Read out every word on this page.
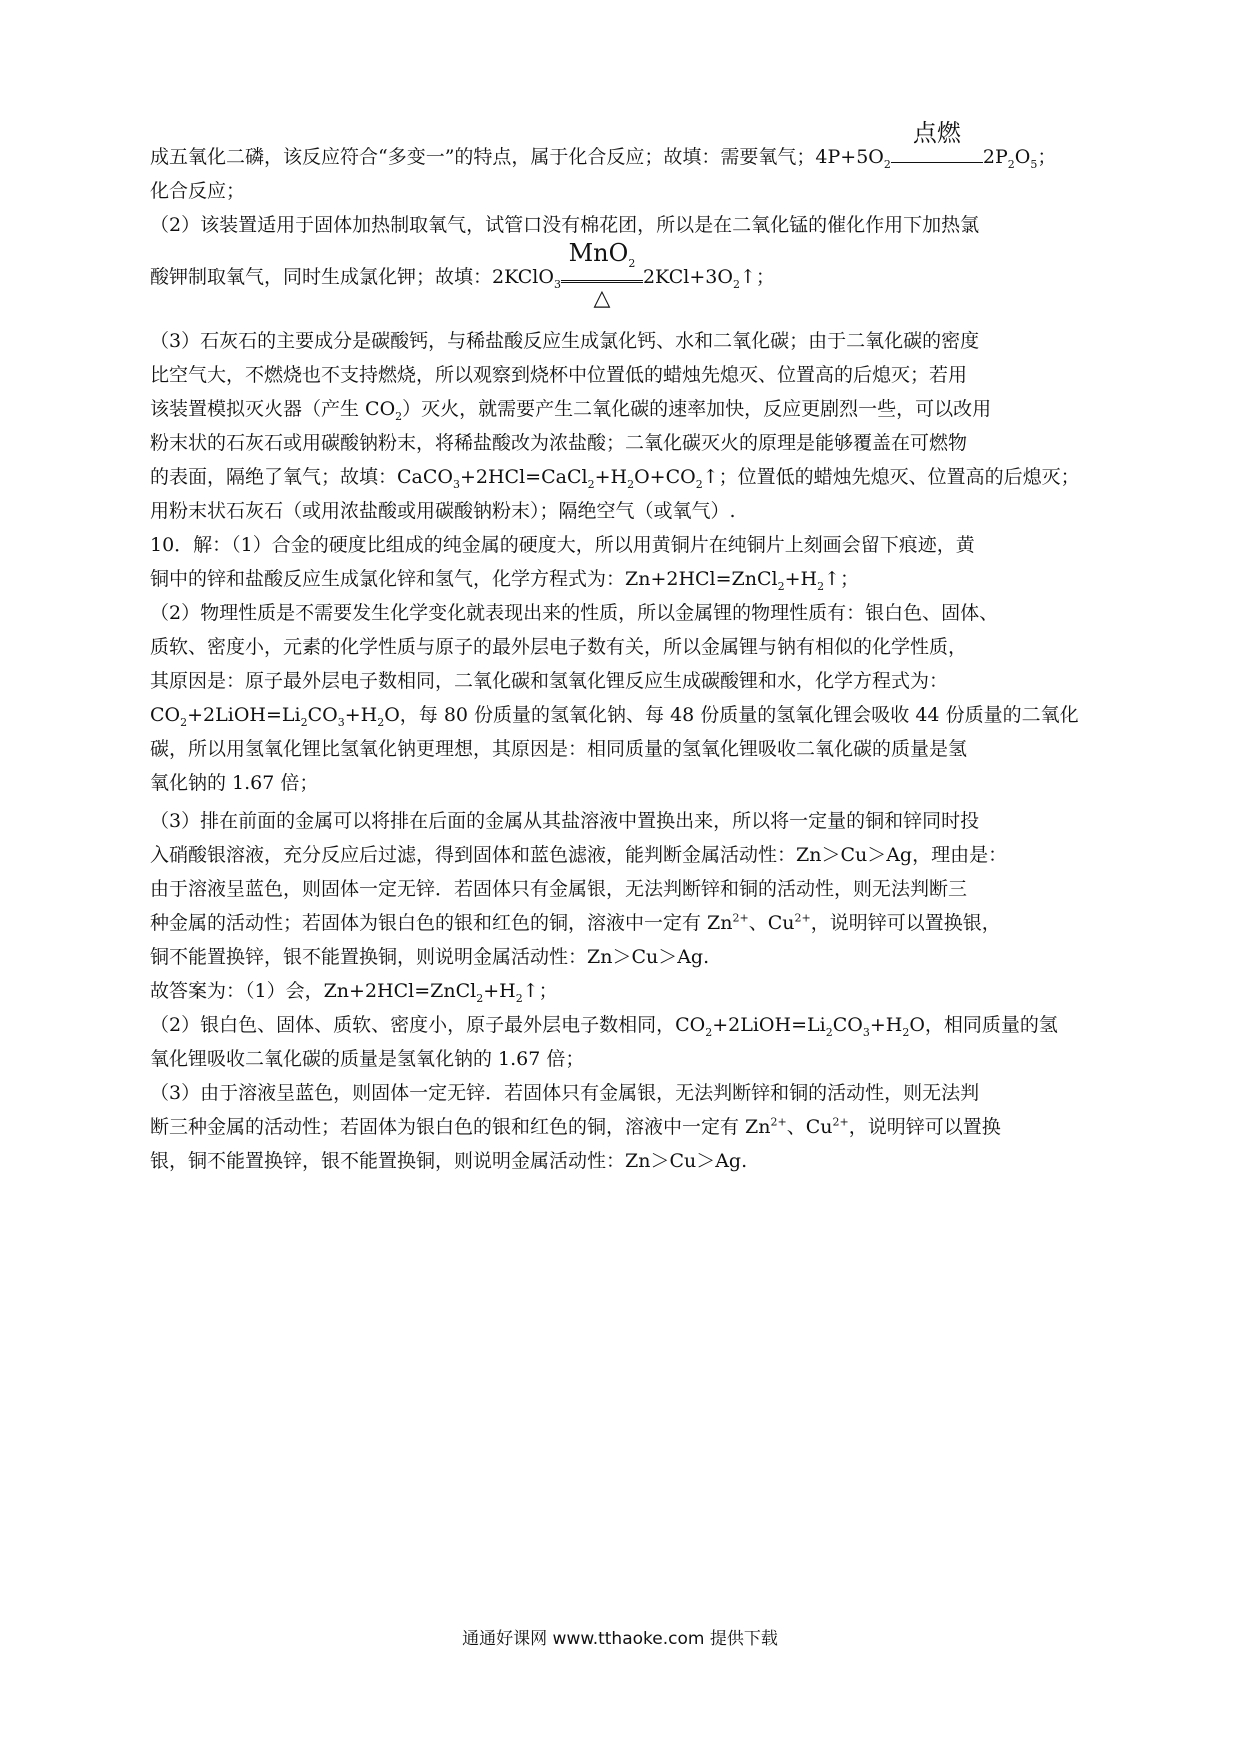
成五氧化二磷，该反应符合“多变一”的特点，属于化合反应；故填：需要氧气；$4P+5O_2$
点燃
$2P_2O_5$；
化合反应；
（2）该装置适用于固体加热制取氧气，试管口没有棉花团，所以是在二氧化锰的催化作用下加热氯
酸钾制取氧气，同时生成氯化钾；故填：2KClO$_3$
MnO$_2$
△
$2KCl+3O_2↑$；
（3）石灰石的主要成分是碳酸钙，与稀盐酸反应生成氯化钙、水和二氧化碳；由于二氧化碳的密度
比空气大，不燃烧也不支持燃烧，所以观察到烧杯中位置低的蜡烛先熄灭、位置高的后熄灭；若用
该装置模拟灭火器（产生 $CO_2$）灭火，就需要产生二氧化碳的速率加快，反应更剧烈一些，可以改用
粉末状的石灰石或用碳酸钠粉末，将稀盐酸改为浓盐酸；二氧化碳灭火的原理是能够覆盖在可燃物
的表面，隔绝了氧气；故填：$CaCO_3+2HCl=CaCl_2+H_2O+CO_2↑$；位置低的蜡烛先熄灭、位置高的后熄灭；
用粉末状石灰石（或用浓盐酸或用碳酸钠粉末）；隔绝空气（或氧气）.
10．解：（1）合金的硬度比组成的纯金属的硬度大，所以用黄铜片在纯铜片上刻画会留下痕迹，黄
铜中的锌和盐酸反应生成氯化锌和氢气，化学方程式为：$Zn+2HCl=ZnCl_2+H_2↑$；
（2）物理性质是不需要发生化学变化就表现出来的性质，所以金属锂的物理性质有：银白色、固体、
质软、密度小，元素的化学性质与原子的最外层电子数有关，所以金属锂与钠有相似的化学性质，
其原因是：原子最外层电子数相同，二氧化碳和氢氧化锂反应生成碳酸锂和水，化学方程式为：
$CO_2+2LiOH=Li_2CO_3+H_2O$，每 80 份质量的氢氧化钠、每 48 份质量的氢氧化锂会吸收 44 份质量的二氧化
碳，所以用氢氧化锂比氢氧化钠更理想，其原因是：相同质量的氢氧化锂吸收二氧化碳的质量是氢
氧化钠的 1.67 倍；
（3）排在前面的金属可以将排在后面的金属从其盐溶液中置换出来，所以将一定量的铜和锌同时投
入硝酸银溶液，充分反应后过滤，得到固体和蓝色滤液，能判断金属活动性：Zn＞Cu＞Ag，理由是：
由于溶液呈蓝色，则固体一定无锌．若固体只有金属银，无法判断锌和铜的活动性，则无法判断三
种金属的活动性；若固体为银白色的银和红色的铜，溶液中一定有 $Zn^{2+}$、$Cu^{2+}$，说明锌可以置换银，
铜不能置换锌，银不能置换铜，则说明金属活动性：Zn＞Cu＞Ag.
故答案为：（1）会，$Zn+2HCl=ZnCl_2+H_2↑$；
（2）银白色、固体、质软、密度小，原子最外层电子数相同，$CO_2+2LiOH=Li_2CO_3+H_2O$，相同质量的氢
氧化锂吸收二氧化碳的质量是氢氧化钠的 1.67 倍；
（3）由于溶液呈蓝色，则固体一定无锌．若固体只有金属银，无法判断锌和铜的活动性，则无法判
断三种金属的活动性；若固体为银白色的银和红色的铜，溶液中一定有 $Zn^{2+}$、$Cu^{2+}$，说明锌可以置换
银，铜不能置换锌，银不能置换铜，则说明金属活动性：Zn＞Cu＞Ag.
通通好课网 www.tthaoke.com 提供下载
